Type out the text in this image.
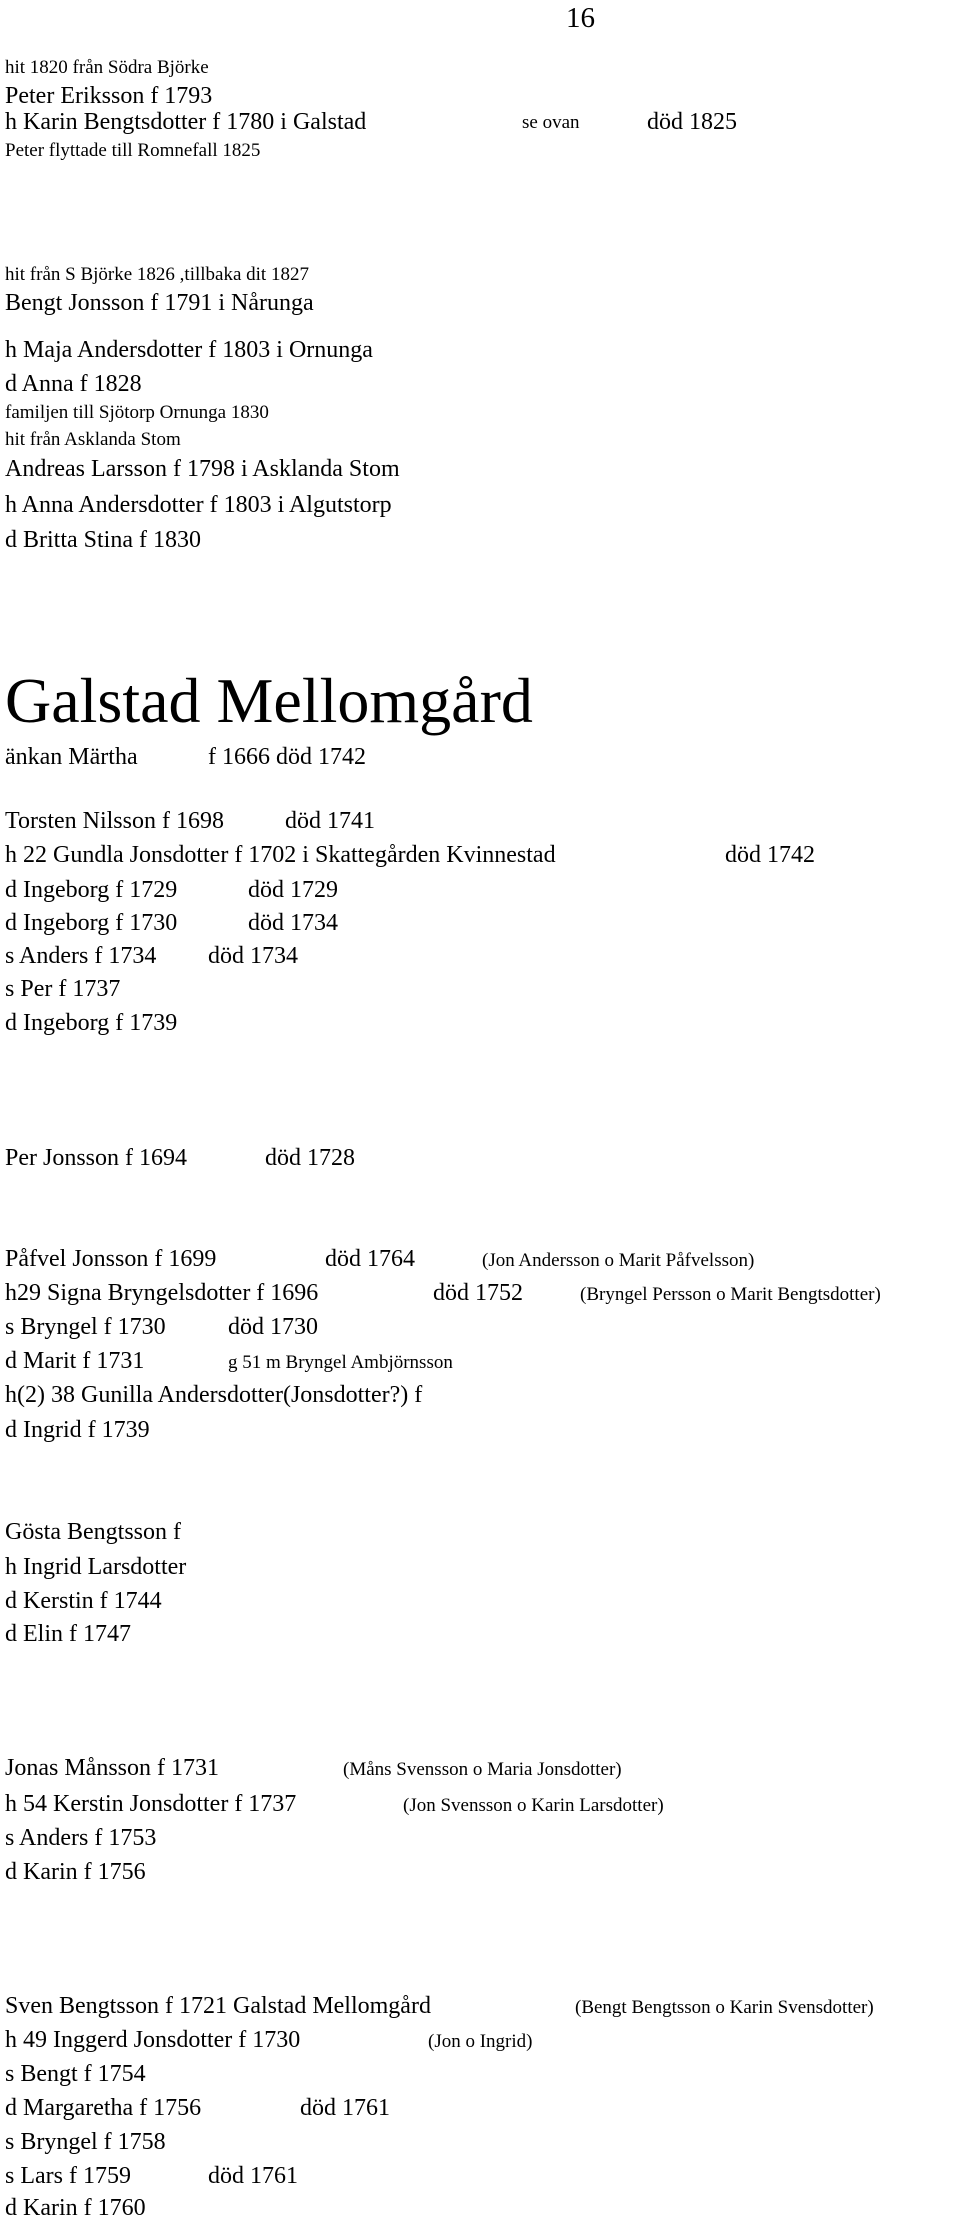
16
hit 1820 från Södra Björke
Peter Eriksson f 1793
h Karin Bengtsdotter f 1780 i Galstad	se ovan	död 1825
Peter flyttade till Romnefall 1825
hit från S Björke 1826 ,tillbaka dit 1827
Bengt Jonsson f 1791 i Nårunga
h Maja Andersdotter f 1803 i Ornunga
d Anna f 1828
familjen till Sjötorp Ornunga 1830
hit från Asklanda Stom
Andreas Larsson f 1798 i Asklanda Stom
h Anna Andersdotter f 1803 i Algutstorp
d Britta Stina f 1830
Galstad Mellomgård
änkan Märtha	f 1666 död 1742
Torsten Nilsson f 1698	död 1741
h 22 Gundla Jonsdotter f 1702 i Skattegården Kvinnestad	död 1742
d Ingeborg f 1729	död 1729
d Ingeborg f 1730	död 1734
s Anders f 1734 död 1734
s Per f 1737
d Ingeborg f 1739
Per Jonsson f 1694	död 1728
Påfvel Jonsson f 1699	död 1764	(Jon Andersson o Marit Påfvelsson)
h29 Signa Bryngelsdotter f 1696	död 1752	(Bryngel Persson o Marit Bengtsdotter)
s Bryngel f 1730	död 1730
d Marit f 1731	g 51 m Bryngel Ambjörnsson
h(2) 38 Gunilla Andersdotter(Jonsdotter?) f
d Ingrid f 1739
Gösta Bengtsson f
h Ingrid Larsdotter
d Kerstin f 1744
d Elin f 1747
Jonas Månsson f 1731	(Måns Svensson o Maria Jonsdotter)
h 54 Kerstin Jonsdotter f 1737	(Jon Svensson o Karin Larsdotter)
s Anders f 1753
d Karin f 1756
Sven Bengtsson f 1721 Galstad Mellomgård	(Bengt Bengtsson o Karin Svensdotter)
h 49 Inggerd Jonsdotter f 1730	(Jon o Ingrid)
s Bengt f 1754
d Margaretha f 1756	död 1761
s Bryngel f 1758
s Lars f 1759	död 1761
d Karin f 1760
